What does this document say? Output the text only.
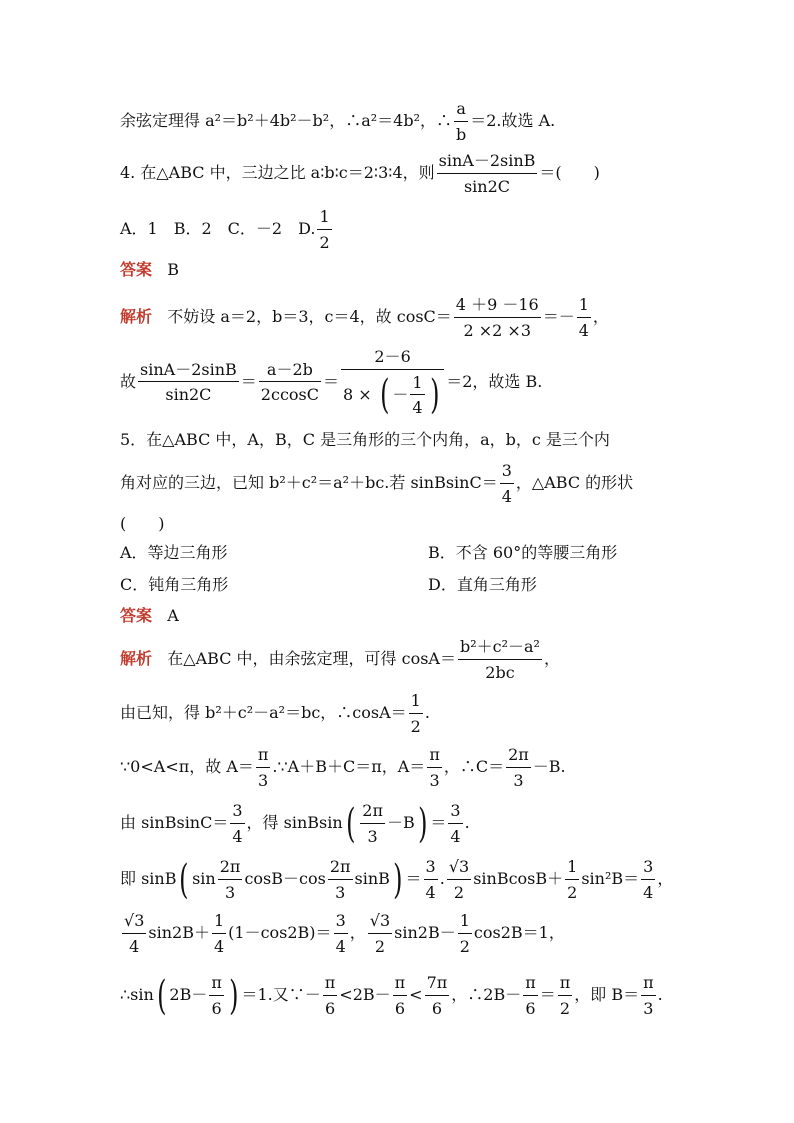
余弦定理得 a²＝b²＋4b²－b²，∴a²＝4b²，∴ $\frac{a}{b} =2$.故选 A.
4. 在△ABC 中，三边之比 a∶b∶c＝2∶3∶4，则 $\frac{\sin A-2\sin B}{\sin 2C}$ ＝(　　)
A．1　B．2　C．－2　D. $\frac{1}{2}$
答案 B
解析 不妨设 a＝2，b＝3，c＝4，故 $\cos C= \frac{4 +9 -16}{2 \times 2 \times 3} =- \frac{1}{4}$ ，
故 $\frac{\sin A-2\sin B}{\sin 2C} = \frac{a-2b}{2ccosC} = \frac{2-6}{8 \times ( - \frac{1}{4} )} =2$，故选 B.
5．在△ABC 中，A，B，C 是三角形的三个内角，a，b，c 是三个内
角对应的三边，已知 b²＋c²＝a²＋bc.若 sinBsinC＝ $\frac{3}{4}$ ，△ABC 的形状
(　　)
A．等边三角形	B．不含 60°的等腰三角形
C．钝角三角形	D．直角三角形
答案 A
解析 在△ABC 中，由余弦定理，可得 $\cos A= \frac{\text{b²＋c²－a²}}{2bc}$ ，
由已知，得 b²＋c²－a²＝bc，∴cosA＝ $\frac{1}{2}$ .
∵0<A<π，故 $A= \frac{\pi}{3}$ .∵A＋B＋C＝π，$A= \frac{\pi}{3}$ ，∴C＝ $\frac{2\pi}{3} -B$.
由 sinBsinC＝ $\frac{3}{4}$ ，得 sinBsin( $\frac{2\pi}{3} -B) = \frac{3}{4}$ .
即 sinB( $\sin \frac{2\pi}{3} \cos B-\cos \frac{2\pi}{3} \sin B) = \frac{3}{4}$ . $\frac{√3}{2}$ sinBcosB＋ $\frac{1}{2} \sin^2B= \frac{3}{4}$ ，
$\frac{√3}{4} \sin 2B+ \frac{1}{4} (1-\cos 2B)= \frac{3}{4}$ ， $\frac{√3}{2} \sin 2B- \frac{1}{2} \cos 2B=1$，
∴sin( $2B- \frac{\pi}{6}$ ) ＝1.又∵－ $\frac{\pi}{6} <2B- \frac{\pi}{6} < \frac{7\pi}{6}$ ，∴2B－ $\frac{\pi}{6} = \frac{\pi}{2}$ ，即 $B= \frac{\pi}{3}$ .
